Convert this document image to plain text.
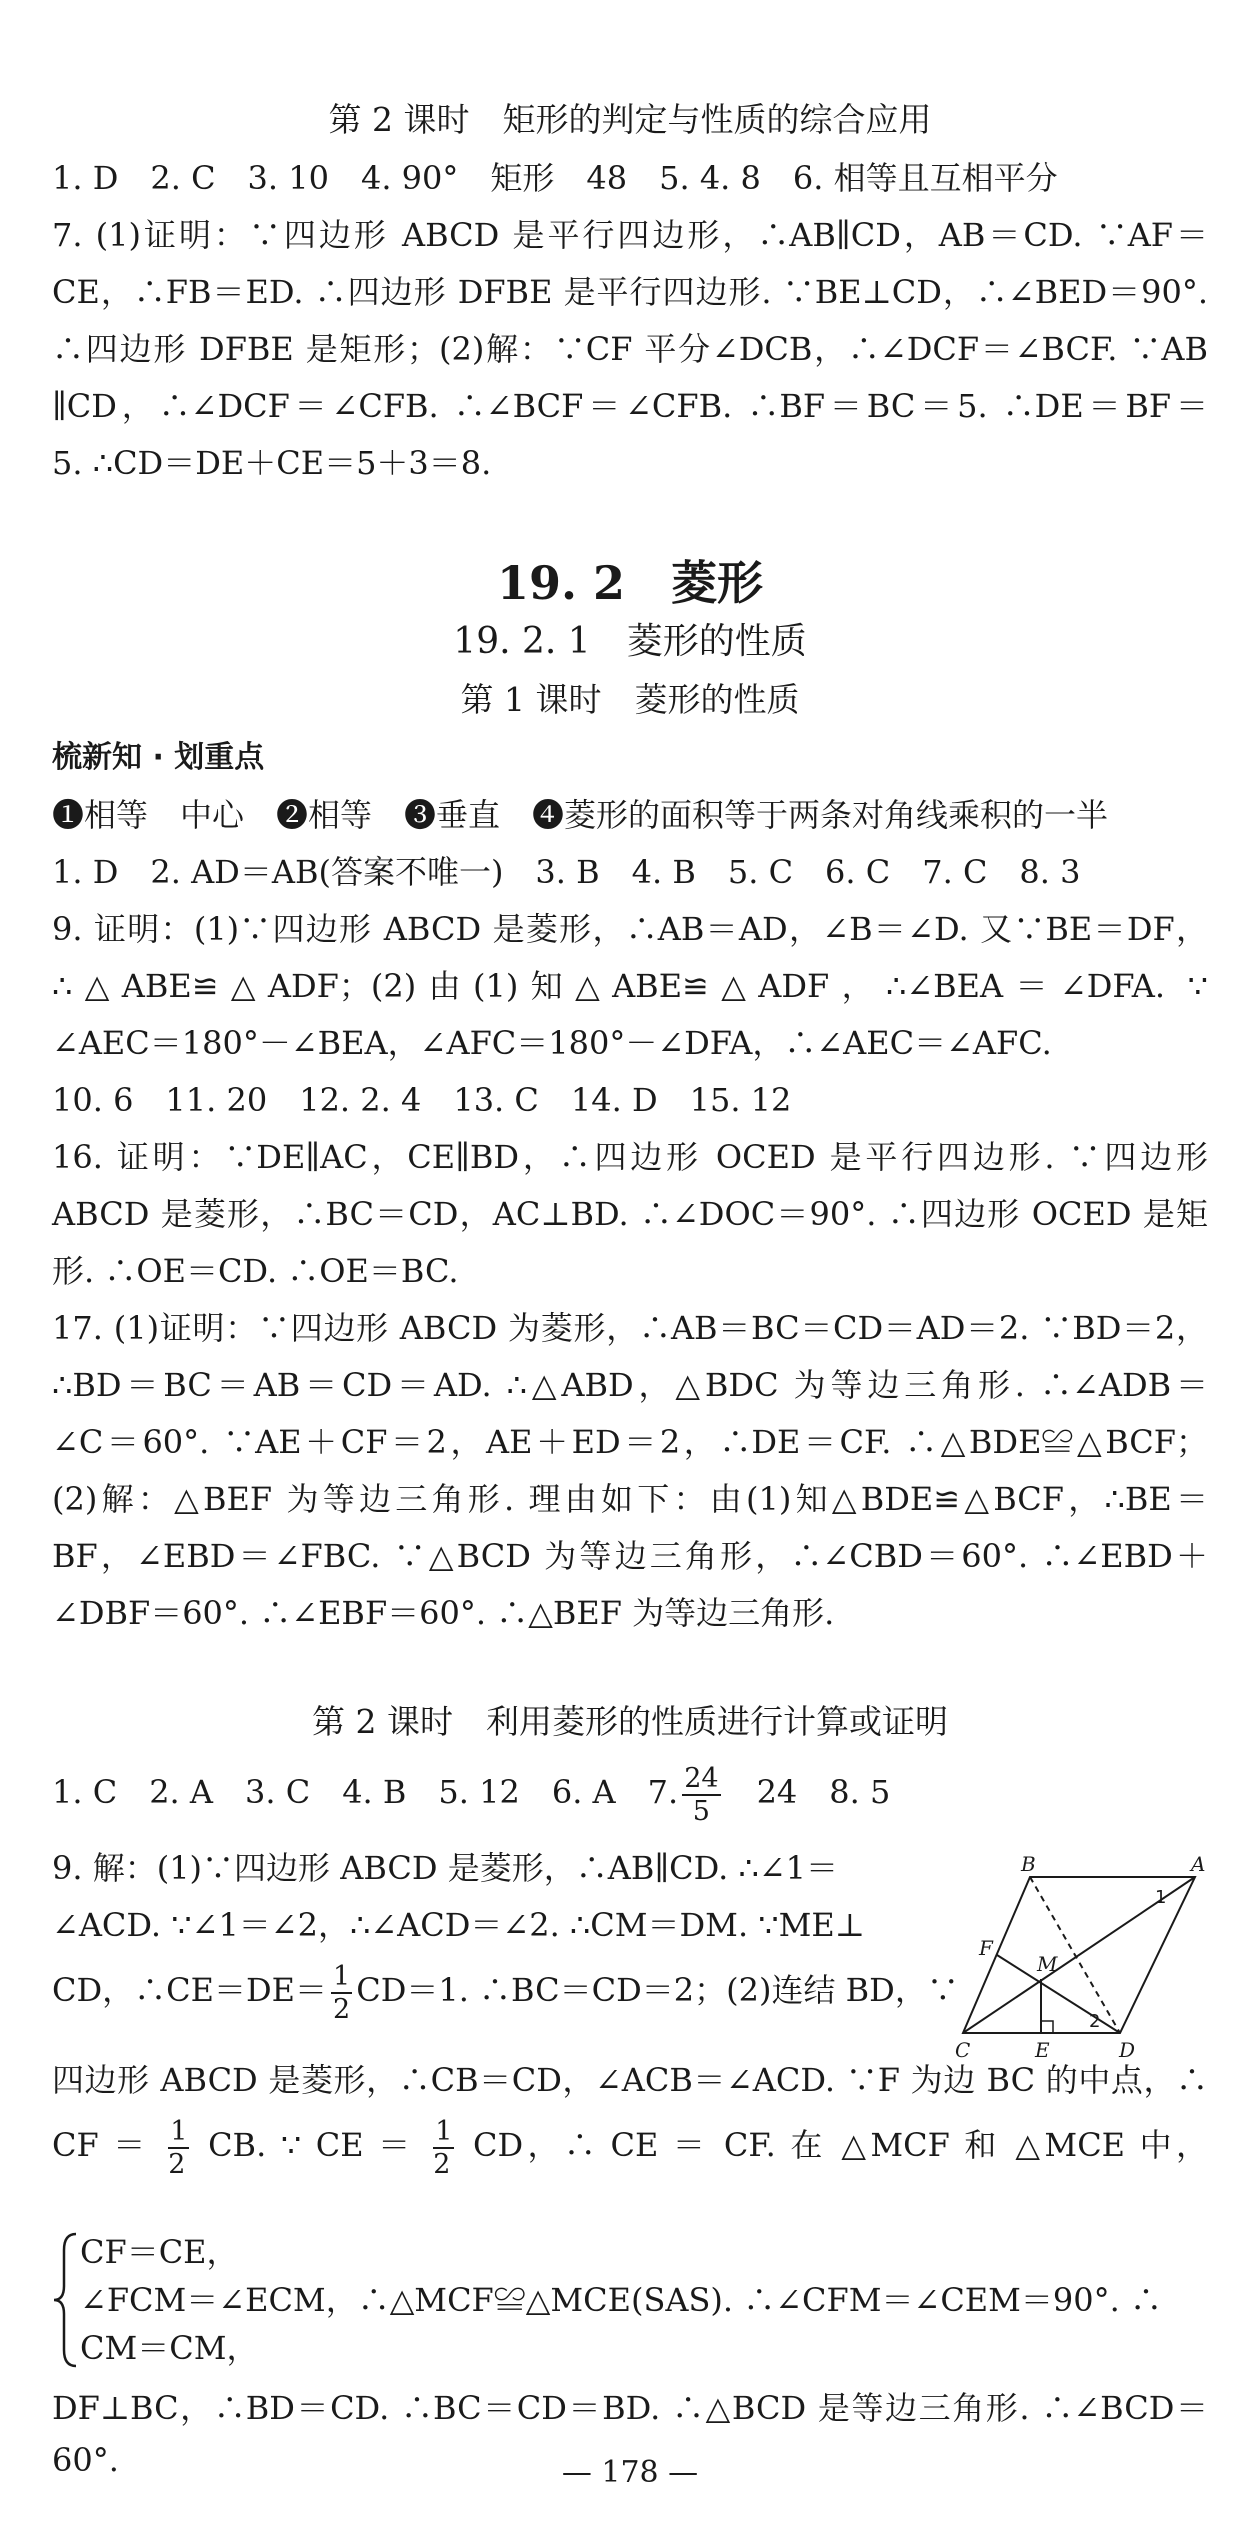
第 2 课时　矩形的判定与性质的综合应用
1. D　2. C　3. 10　4. 90°　矩形　48　5. 4. 8　6. 相等且互相平分
7. (1)证明：∵四边形 ABCD 是平行四边形，∴AB∥CD，AB＝CD. ∵AF＝
CE，∴FB＝ED. ∴四边形 DFBE 是平行四边形. ∵BE⊥CD，∴∠BED＝90°.
∴四边形 DFBE 是矩形；(2)解：∵CF 平分∠DCB，∴∠DCF＝∠BCF. ∵AB
∥CD，∴∠DCF＝∠CFB. ∴∠BCF＝∠CFB. ∴BF＝BC＝5. ∴DE＝BF＝
5. ∴CD＝DE＋CE＝5＋3＝8.
19. 2　菱形
19. 2. 1　菱形的性质
第 1 课时　菱形的性质
梳新知 · 划重点
❶相等　中心　❷相等　❸垂直　❹菱形的面积等于两条对角线乘积的一半
1. D　2. AD＝AB(答案不唯一)　3. B　4. B　5. C　6. C　7. C　8. 3
9. 证明：(1)∵四边形 ABCD 是菱形，∴AB＝AD，∠B＝∠D. 又∵BE＝DF，
∴△ABE≌△ADF；(2)由(1)知△ABE≌△ADF，∴∠BEA＝∠DFA. ∵
∠AEC＝180°－∠BEA，∠AFC＝180°－∠DFA，∴∠AEC＝∠AFC.
10. 6　11. 20　12. 2. 4　13. C　14. D　15. 12
16. 证明：∵DE∥AC，CE∥BD，∴四边形 OCED 是平行四边形. ∵四边形
ABCD 是菱形，∴BC＝CD，AC⊥BD. ∴∠DOC＝90°. ∴四边形 OCED 是矩
形. ∴OE＝CD. ∴OE＝BC.
17. (1)证明：∵四边形 ABCD 为菱形，∴AB＝BC＝CD＝AD＝2. ∵BD＝2，
∴BD＝BC＝AB＝CD＝AD. ∴△ABD，△BDC 为等边三角形. ∴∠ADB＝
∠C＝60°. ∵AE＋CF＝2，AE＋ED＝2，∴DE＝CF. ∴△BDE≌△BCF；
(2)解：△BEF 为等边三角形. 理由如下：由(1)知△BDE≌△BCF，∴BE＝
BF，∠EBD＝∠FBC. ∵△BCD 为等边三角形，∴∠CBD＝60°. ∴∠EBD＋
∠DBF＝60°. ∴∠EBF＝60°. ∴△BEF 为等边三角形.
第 2 课时　利用菱形的性质进行计算或证明
1. C　2. A　3. C　4. B　5. 12　6. A　7. $\frac{24}{5}$
　 24　8. 5
9. 解：(1)∵四边形 ABCD 是菱形，∴AB∥CD. ∴∠1＝
∠ACD. ∵∠1＝∠2，∴∠ACD＝∠2. ∴CM＝DM. ∵ME⊥
CD，∴CE＝DE＝ $\frac{1}{2} CD=1$. ∴BC＝CD＝2；(2)连结 BD，∵
四边形 ABCD 是菱形，∴CB＝CD，∠ACB＝∠ACD. ∵F 为边 BC 的中点，∴
CF ＝ $\frac{1}{2}$ CB. ∵ CE ＝ $\frac{1}{2}$ CD，∴ CE ＝ CF. 在 △MCF 和 △MCE 中，
CF＝CE，
∠FCM＝∠ECM，∴△MCF≌△MCE(SAS). ∴∠CFM＝∠CEM＝90°. ∴
CM＝CM，
DF⊥BC，∴BD＝CD. ∴BC＝CD＝BD. ∴△BCD 是等边三角形. ∴∠BCD＝
60°.
B	A
C	D
E
F
M
1
2
— 178 —
